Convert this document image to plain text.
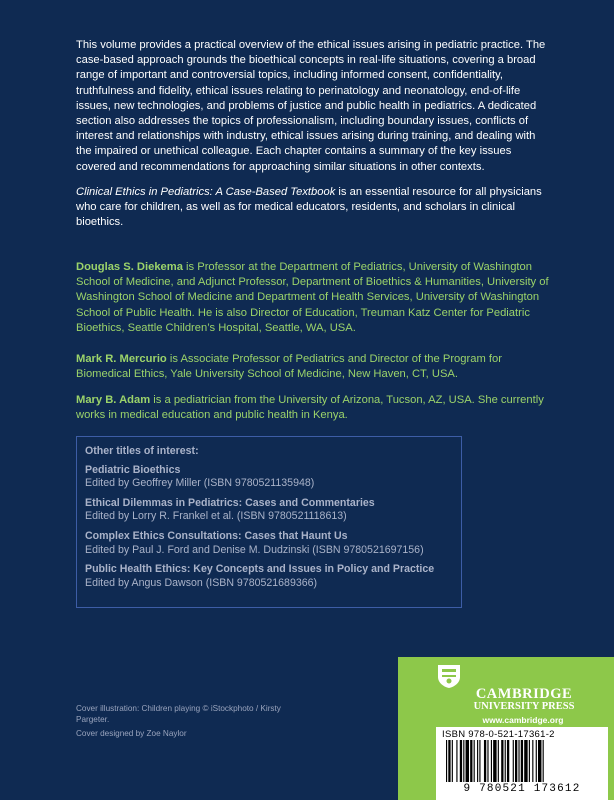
This volume provides a practical overview of the ethical issues arising in pediatric practice. The case-based approach grounds the bioethical concepts in real-life situations, covering a broad range of important and controversial topics, including informed consent, confidentiality, truthfulness and fidelity, ethical issues relating to perinatology and neonatology, end-of-life issues, new technologies, and problems of justice and public health in pediatrics. A dedicated section also addresses the topics of professionalism, including boundary issues, conflicts of interest and relationships with industry, ethical issues arising during training, and dealing with the impaired or unethical colleague. Each chapter contains a summary of the key issues covered and recommendations for approaching similar situations in other contexts.

Clinical Ethics in Pediatrics: A Case-Based Textbook is an essential resource for all physicians who care for children, as well as for medical educators, residents, and scholars in clinical bioethics.

Douglas S. Diekema is Professor at the Department of Pediatrics, University of Washington School of Medicine, and Adjunct Professor, Department of Bioethics & Humanities, University of Washington School of Medicine and Department of Health Services, University of Washington School of Public Health. He is also Director of Education, Treuman Katz Center for Pediatric Bioethics, Seattle Children’s Hospital, Seattle, WA, USA.
Mark R. Mercurio is Associate Professor of Pediatrics and Director of the Program for Biomedical Ethics, Yale University School of Medicine, New Haven, CT, USA.
Mary B. Adam is a pediatrician from the University of Arizona, Tucson, AZ, USA. She currently works in medical education and public health in Kenya.
Other titles of interest:
Pediatric Bioethics
Edited by Geoffrey Miller (ISBN 9780521135948)
Ethical Dilemmas in Pediatrics: Cases and Commentaries
Edited by Lorry R. Frankel et al. (ISBN 9780521118613)
Complex Ethics Consultations: Cases that Haunt Us
Edited by Paul J. Ford and Denise M. Dudzinski (ISBN 9780521697156)
Public Health Ethics: Key Concepts and Issues in Policy and Practice
Edited by Angus Dawson (ISBN 9780521689366)

Cover illustration: Children playing © iStockphoto / Kirsty Pargeter.

Cover designed by Zoe Naylor

CAMBRIDGE
UNIVERSITY PRESS
www.cambridge.org
ISBN 978-0-521-17361-2
9 780521 173612
